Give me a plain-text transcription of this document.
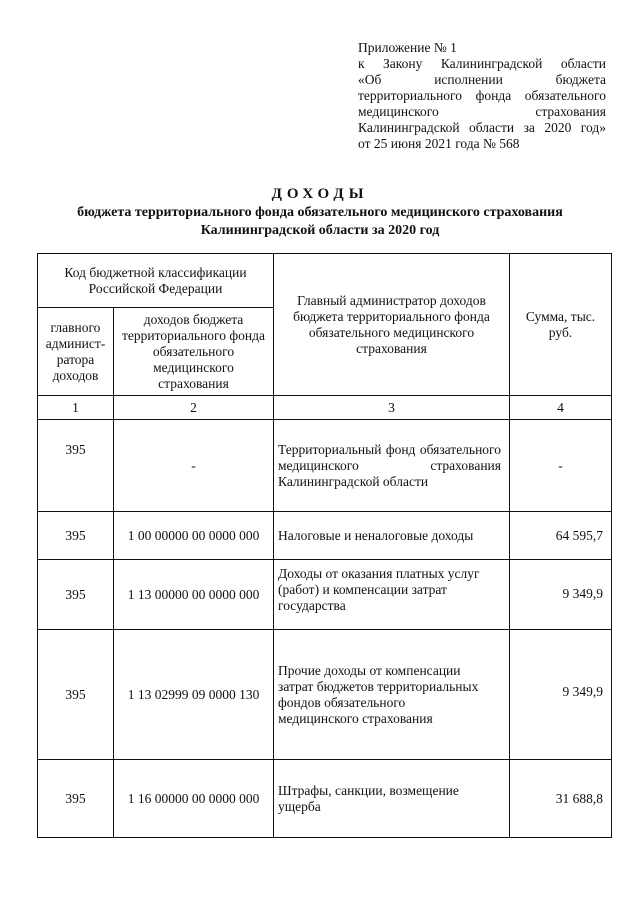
Приложение № 1
к Закону Калининградской области
«Об исполнении бюджета
территориального фонда обязательного
медицинского страхования
Калининградской области за 2020 год»
от 25 июня 2021 года № 568
ДОХОДЫ
бюджета территориального фонда обязательного медицинского страхования
Калининградской области за 2020 год
Код бюджетной классификации Российской Федерации		Главный администратор доходов бюджета территориального фонда обязательного медицинского страхования	Сумма, тыс. руб.
главного админист-ратора доходов	доходов бюджета территориального фонда обязательного медицинского страхования		
1	2	3	4
395	-	Территориальный фонд обязательного медицинского страхования Калининградской области	-
395	1 00 00000 00 0000 000	Налоговые и неналоговые доходы	64 595,7
395	1 13 00000 00 0000 000	Доходы от оказания платных услуг (работ) и компенсации затрат государства	9 349,9
395	1 13 02999 09 0000 130	Прочие доходы от компенсации затрат бюджетов территориальных фондов обязательного медицинского страхования	9 349,9
395	1 16 00000 00 0000 000	Штрафы, санкции, возмещение ущерба	31 688,8
